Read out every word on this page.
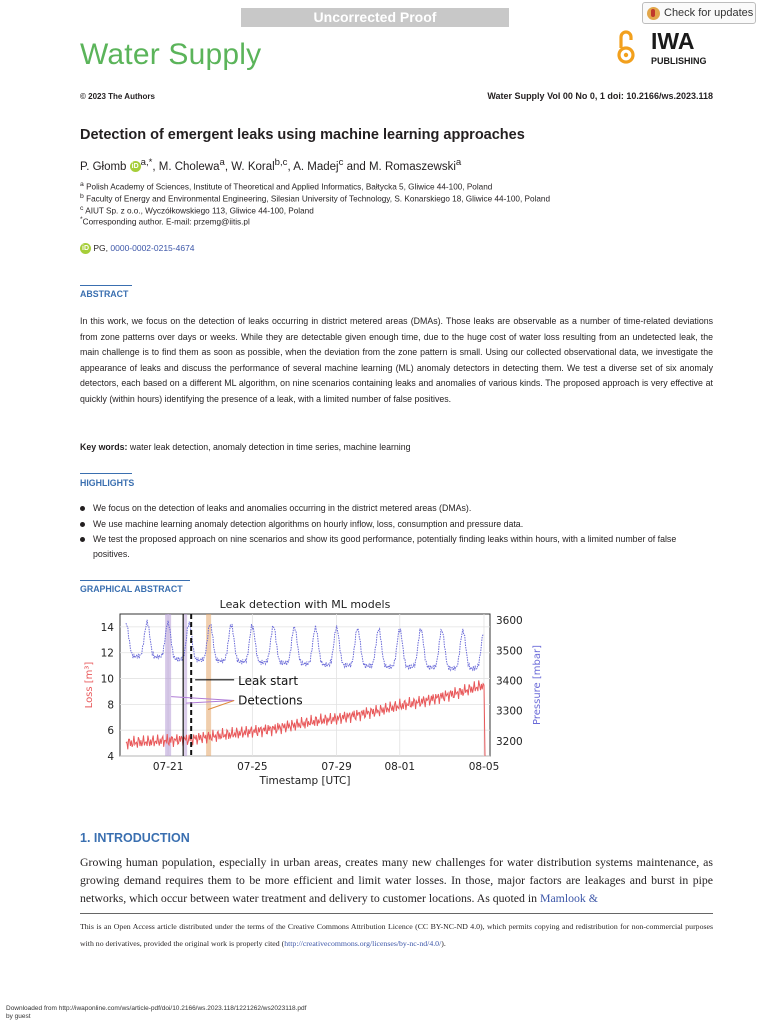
Uncorrected Proof	Check for updates
Water Supply	IWA
PUBLISHING
© 2023 The Authors	Water Supply Vol 00 No 0, 1 doi: 10.2166/ws.2023.118
Detection of emergent leaks using machine learning approaches
P. Głomb iD $^{a,*}$, M. Cholewa$^a$, W. Koral$^{b,c}$, A. Madej$^c$ and M. Romaszewski$^a$
$^a$ Polish Academy of Sciences, Institute of Theoretical and Applied Informatics, Bałtycka 5, Gliwice 44-100, Poland
$^b$ Faculty of Energy and Environmental Engineering, Silesian University of Technology, S. Konarskiego 18, Gliwice 44-100, Poland
$^c$ AIUT Sp. z o.o., Wyczółkowskiego 113, Gliwice 44-100, Poland
*Corresponding author. E-mail: przemg@iitis.pl
iD PG, 0000-0002-0215-4674
ABSTRACT
In this work, we focus on the detection of leaks occurring in district metered areas (DMAs). Those leaks are observable as a number of time-related deviations from zone patterns over days or weeks. While they are detectable given enough time, due to the huge cost of water loss resulting from an undetected leak, the main challenge is to find them as soon as possible, when the deviation from the zone pattern is small. Using our collected observational data, we investigate the appearance of leaks and discuss the performance of several machine learning (ML) anomaly detectors in detecting them. We test a diverse set of six anomaly detectors, each based on a different ML algorithm, on nine scenarios containing leaks and anomalies of various kinds. The proposed approach is very effective at quickly (within hours) identifying the presence of a leak, with a limited number of false positives.
Key words: water leak detection, anomaly detection in time series, machine learning
HIGHLIGHTS
We focus on the detection of leaks and anomalies occurring in the district metered areas (DMAs).
We use machine learning anomaly detection algorithms on hourly inflow, loss, consumption and pressure data.
We test the proposed approach on nine scenarios and show its good performance, potentially finding leaks within hours, with a limited number of false positives.
GRAPHICAL ABSTRACT
Leak detection with ML models
07-21	07-25	07-29	08-01	08-05
4
6
8
10
12
14
3200
3300
3400
3500
3600
Timestamp [UTC]
Loss [m³]	Pressure [mbar]
Leak start
Detections
1. INTRODUCTION
Growing human population, especially in urban areas, creates many new challenges for water distribution systems maintenance, as growing demand requires them to be more efficient and limit water losses. In those, major factors are leakages and burst in pipe networks, which occur between water treatment and delivery to customer locations. As quoted in Mamlook &
This is an Open Access article distributed under the terms of the Creative Commons Attribution Licence (CC BY-NC-ND 4.0), which permits copying and redistribution for non-commercial purposes with no derivatives, provided the original work is properly cited (http://creativecommons.org/licenses/by-nc-nd/4.0/).
Downloaded from http://iwaponline.com/ws/article-pdf/doi/10.2166/ws.2023.118/1221262/ws2023118.pdf
by guest
